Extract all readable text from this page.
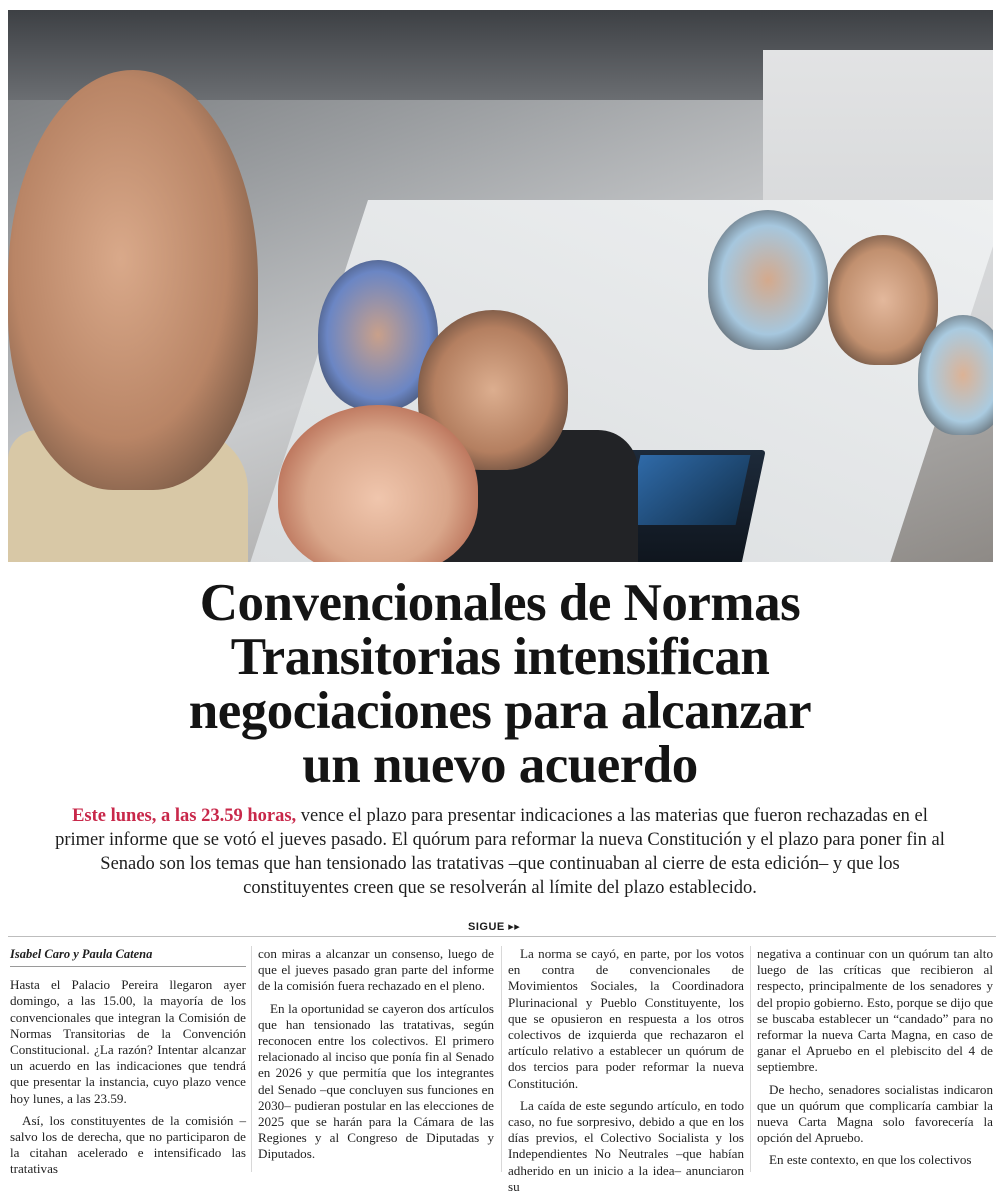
Convencionales de Normas
Transitorias intensifican
negociaciones para alcanzar
un nuevo acuerdo

Este lunes, a las 23.59 horas, vence el plazo para presentar indicaciones a las materias que fueron rechazadas en el primer informe que se votó el jueves pasado. El quórum para reformar la nueva Constitución y el plazo para poner fin al Senado son los temas que han tensionado las tratativas –que continuaban al cierre de esta edición– y que los constituyentes creen que se resolverán al límite del plazo establecido.

SIGUE ▸▸

Isabel Caro y Paula Catena

Hasta el Palacio Pereira llegaron ayer domingo, a las 15.00, la mayoría de los convencionales que integran la Comisión de Normas Transitorias de la Convención Constitucional. ¿La razón? Intentar alcanzar un acuerdo en las indicaciones que tendrá que presentar la instancia, cuyo plazo vence hoy lunes, a las 23.59.

Así, los constituyentes de la comisión –salvo los de derecha, que no participaron de la citahan acelerado e intensificado las tratativas

con miras a alcanzar un consenso, luego de que el jueves pasado gran parte del informe de la comisión fuera rechazado en el pleno.

En la oportunidad se cayeron dos artículos que han tensionado las tratativas, según reconocen entre los colectivos. El primero relacionado al inciso que ponía fin al Senado en 2026 y que permitía que los integrantes del Senado –que concluyen sus funciones en 2030– pudieran postular en las elecciones de 2025 que se harán para la Cámara de las Regiones y al Congreso de Diputadas y Diputados.

La norma se cayó, en parte, por los votos en contra de convencionales de Movimientos Sociales, la Coordinadora Plurinacional y Pueblo Constituyente, los que se opusieron en respuesta a los otros colectivos de izquierda que rechazaron el artículo relativo a establecer un quórum de dos tercios para poder reformar la nueva Constitución.

La caída de este segundo artículo, en todo caso, no fue sorpresivo, debido a que en los días previos, el Colectivo Socialista y los Independientes No Neutrales –que habían adherido en un inicio a la idea– anunciaron su

negativa a continuar con un quórum tan alto luego de las críticas que recibieron al respecto, principalmente de los senadores y del propio gobierno. Esto, porque se dijo que se buscaba establecer un “candado” para no reformar la nueva Carta Magna, en caso de ganar el Apruebo en el plebiscito del 4 de septiembre.

De hecho, senadores socialistas indicaron que un quórum que complicaría cambiar la nueva Carta Magna solo favorecería la opción del Apruebo.

En este contexto, en que los colectivos
